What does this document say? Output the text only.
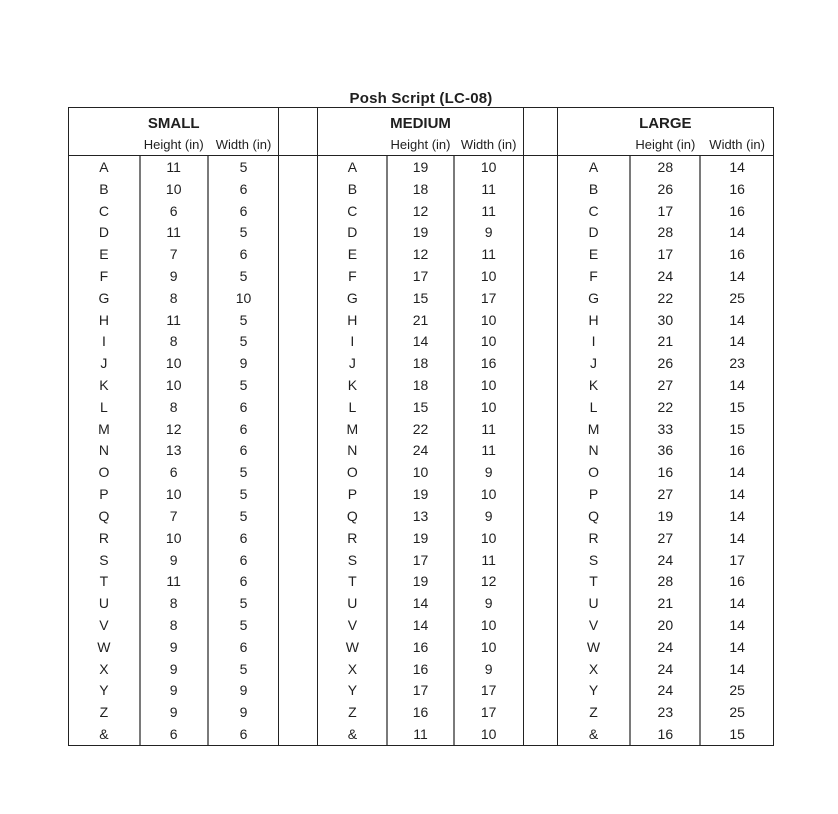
Posh Script (LC-08)
SMALL
Height (in) Width (in)
A	11	5
B	10	6
C	6	6
D	11	5
E	7	6
F	9	5
G	8	10
H	11	5
I	8	5
J	10	9
K	10	5
L	8	6
M	12	6
N	13	6
O	6	5
P	10	5
Q	7	5
R	10	6
S	9	6
T	11	6
U	8	5
V	8	5
W	9	6
X	9	5
Y	9	9
Z	9	9
&	6	6
MEDIUM
Height (in) Width (in)
A	19	10
B	18	11
C	12	11
D	19	9
E	12	11
F	17	10
G	15	17
H	21	10
I	14	10
J	18	16
K	18	10
L	15	10
M	22	11
N	24	11
O	10	9
P	19	10
Q	13	9
R	19	10
S	17	11
T	19	12
U	14	9
V	14	10
W	16	10
X	16	9
Y	17	17
Z	16	17
&	11	10
LARGE
Height (in)	Width (in)
A	28	14
B	26	16
C	17	16
D	28	14
E	17	16
F	24	14
G	22	25
H	30	14
I	21	14
J	26	23
K	27	14
L	22	15
M	33	15
N	36	16
O	16	14
P	27	14
Q	19	14
R	27	14
S	24	17
T	28	16
U	21	14
V	20	14
W	24	14
X	24	14
Y	24	25
Z	23	25
&	16	15
